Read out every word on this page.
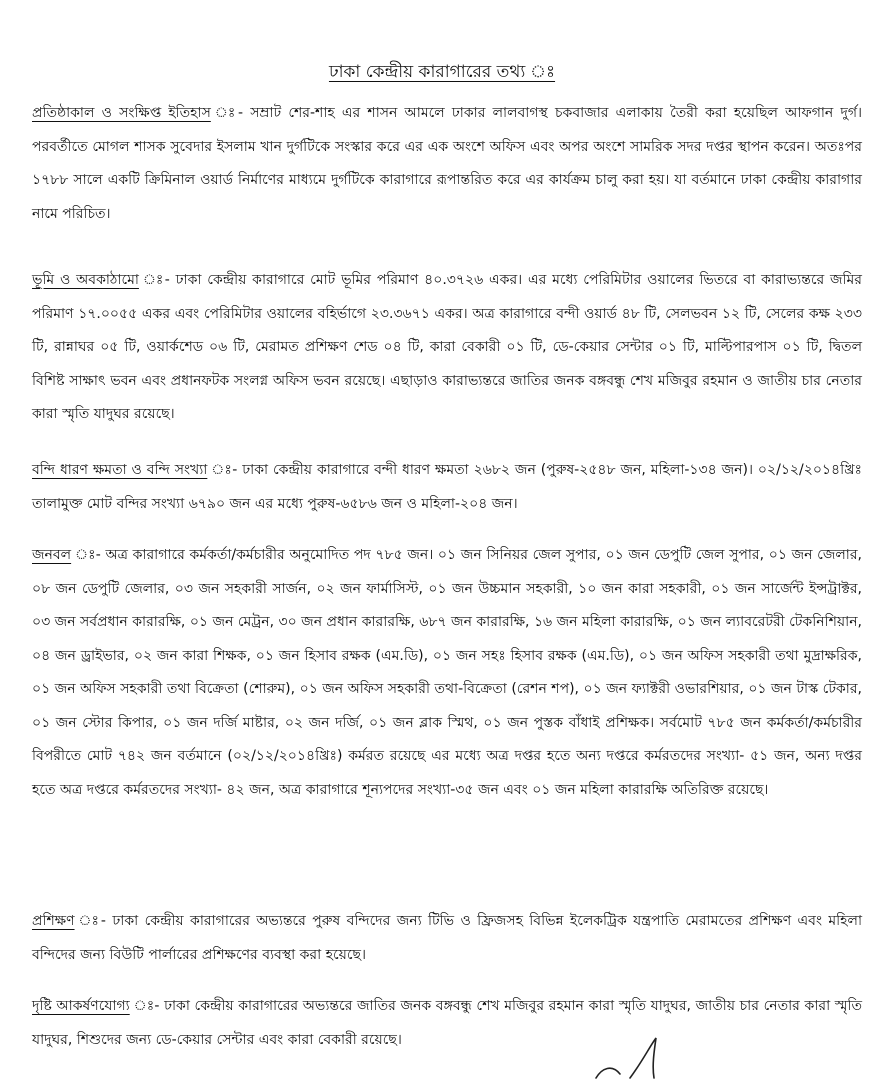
ঢাকা কেন্দ্রীয় কারাগারের তথ্য ঃ

প্রতিষ্ঠাকাল ও সংক্ষিপ্ত ইতিহাস ঃ- সম্রাট শের-শাহ এর শাসন আমলে ঢাকার লালবাগস্থ চকবাজার এলাকায় তৈরী করা হয়েছিল আফগান দুর্গ। পরবর্তীতে মোগল শাসক সুবেদার ইসলাম খান দুর্গটিকে সংস্কার করে এর এক অংশে অফিস এবং অপর অংশে সামরিক সদর দপ্তর স্থাপন করেন। অতঃপর ১৭৮৮ সালে একটি ক্রিমিনাল ওয়ার্ড নির্মাণের মাধ্যমে দুর্গটিকে কারাগারে রূপান্তরিত করে এর কার্যক্রম চালু করা হয়। যা বর্তমানে ঢাকা কেন্দ্রীয় কারাগার নামে পরিচিত।

ভূমি ও অবকাঠামো ঃ- ঢাকা কেন্দ্রীয় কারাগারে মোট ভূমির পরিমাণ ৪০.৩৭২৬ একর। এর মধ্যে পেরিমিটার ওয়ালের ভিতরে বা কারাভ্যন্তরে জমির পরিমাণ ১৭.০০৫৫ একর এবং পেরিমিটার ওয়ালের বহির্ভাগে ২৩.৩৬৭১ একর। অত্র কারাগারে বন্দী ওয়ার্ড ৪৮ টি, সেলভবন ১২ টি, সেলের কক্ষ ২৩৩ টি, রান্নাঘর ০৫ টি, ওয়ার্কশেড ০৬ টি, মেরামত প্রশিক্ষণ শেড ০৪ টি, কারা বেকারী ০১ টি, ডে-কেয়ার সেন্টার ০১ টি, মাল্টিপারপাস ০১ টি, দ্বিতল বিশিষ্ট সাক্ষাৎ ভবন এবং প্রধানফটক সংলগ্ন অফিস ভবন রয়েছে। এছাড়াও কারাভ্যন্তরে জাতির জনক বঙ্গবন্ধু শেখ মজিবুর রহমান ও জাতীয় চার নেতার কারা স্মৃতি যাদুঘর রয়েছে।

বন্দি ধারণ ক্ষমতা ও বন্দি সংখ্যা ঃ- ঢাকা কেন্দ্রীয় কারাগারে বন্দী ধারণ ক্ষমতা ২৬৮২ জন (পুরুষ-২৫৪৮ জন, মহিলা-১৩৪ জন)। ০২/১২/২০১৪খ্রিঃ তালামুক্ত মোট বন্দির সংখ্যা ৬৭৯০ জন এর মধ্যে পুরুষ-৬৫৮৬ জন ও মহিলা-২০৪ জন।

জনবল ঃ- অত্র কারাগারে কর্মকর্তা/কর্মচারীর অনুমোদিত পদ ৭৮৫ জন। ০১ জন সিনিয়র জেল সুপার, ০১ জন ডেপুটি জেল সুপার, ০১ জন জেলার, ০৮ জন ডেপুটি জেলার, ০৩ জন সহকারী সার্জন, ০২ জন ফার্মাসিস্ট, ০১ জন উচ্চমান সহকারী, ১০ জন কারা সহকারী, ০১ জন সার্জেন্ট ইন্সট্রাক্টর, ০৩ জন সর্বপ্রধান কারারক্ষি, ০১ জন মেট্রন, ৩০ জন প্রধান কারারক্ষি, ৬৮৭ জন কারারক্ষি, ১৬ জন মহিলা কারারক্ষি, ০১ জন ল্যাবরেটরী টেকনিশিয়ান, ০৪ জন ড্রাইভার, ০২ জন কারা শিক্ষক, ০১ জন হিসাব রক্ষক (এম.ডি), ০১ জন সহঃ হিসাব রক্ষক (এম.ডি), ০১ জন অফিস সহকারী তথা মুদ্রাক্ষরিক, ০১ জন অফিস সহকারী তথা বিক্রেতা (শোরুম), ০১ জন অফিস সহকারী তথা-বিক্রেতা (রেশন শপ), ০১ জন ফ্যাক্টরী ওভারশিয়ার, ০১ জন টাস্ক টেকার, ০১ জন স্টোর কিপার, ০১ জন দর্জি মাষ্টার, ০২ জন দর্জি, ০১ জন ব্লাক স্মিথ, ০১ জন পুস্তক বাঁধাই প্রশিক্ষক। সর্বমোট ৭৮৫ জন কর্মকর্তা/কর্মচারীর বিপরীতে মোট ৭৪২ জন বর্তমানে (০২/১২/২০১৪খ্রিঃ) কর্মরত রয়েছে এর মধ্যে অত্র দপ্তর হতে অন্য দপ্তরে কর্মরতদের সংখ্যা- ৫১ জন, অন্য দপ্তর হতে অত্র দপ্তরে কর্মরতদের সংখ্যা- ৪২ জন, অত্র কারাগারে শূন্যপদের সংখ্যা-৩৫ জন এবং ০১ জন মহিলা কারারক্ষি অতিরিক্ত রয়েছে।

প্রশিক্ষণ ঃ- ঢাকা কেন্দ্রীয় কারাগারের অভ্যন্তরে পুরুষ বন্দিদের জন্য টিভি ও ফ্রিজসহ বিভিন্ন ইলেকট্রিক যন্ত্রপাতি মেরামতের প্রশিক্ষণ এবং মহিলা বন্দিদের জন্য বিউটি পার্লারের প্রশিক্ষণের ব্যবস্থা করা হয়েছে।

দৃষ্টি আকর্ষণযোগ্য ঃ- ঢাকা কেন্দ্রীয় কারাগারের অভ্যন্তরে জাতির জনক বঙ্গবন্ধু শেখ মজিবুর রহমান কারা স্মৃতি যাদুঘর, জাতীয় চার নেতার কারা স্মৃতি যাদুঘর, শিশুদের জন্য ডে-কেয়ার সেন্টার এবং কারা বেকারী রয়েছে।
